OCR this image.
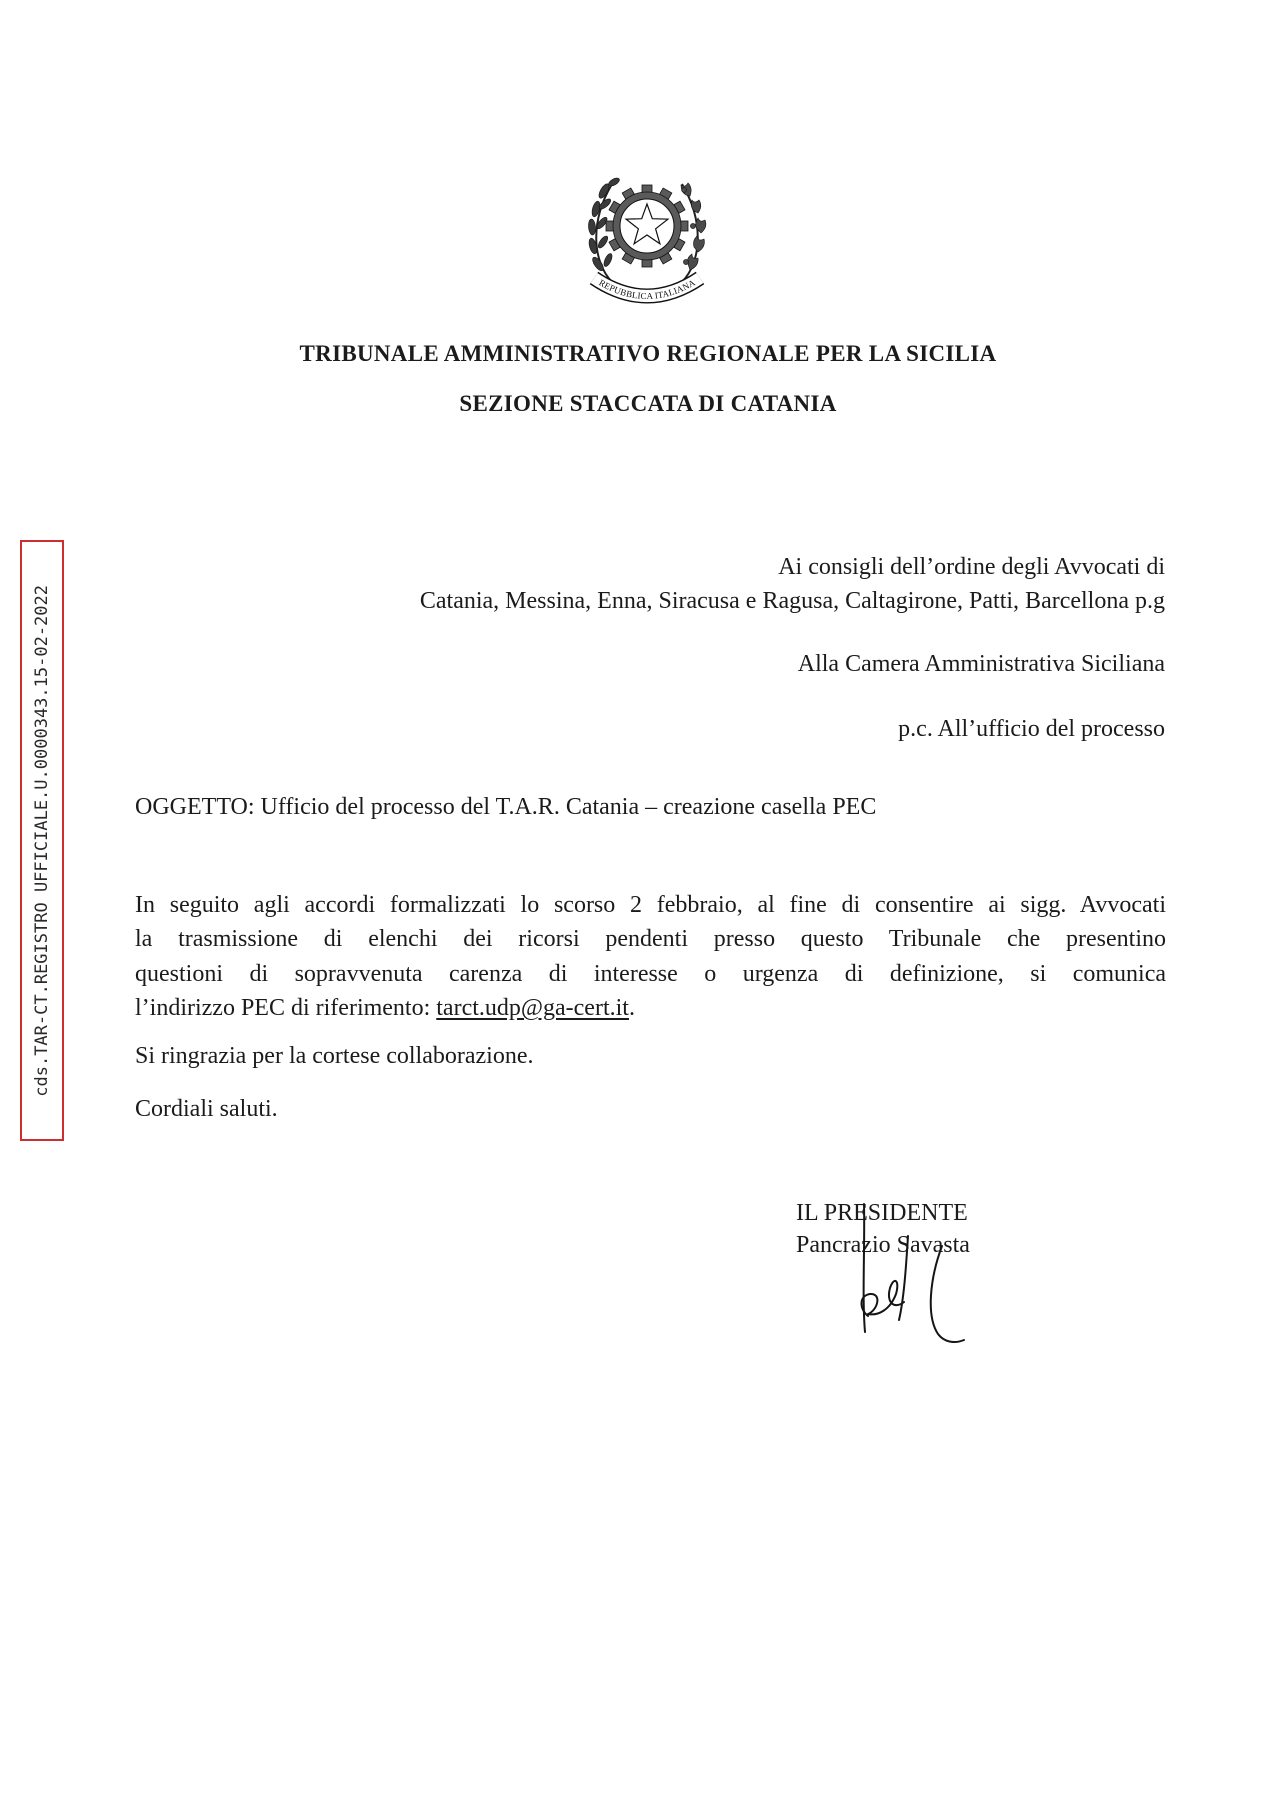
cds.TAR-CT.REGISTRO UFFICIALE.U.0000343.15-02-2022
REPUBBLICA ITALIANA
TRIBUNALE AMMINISTRATIVO REGIONALE PER LA SICILIA
SEZIONE STACCATA DI CATANIA
Ai consigli dell’ordine degli Avvocati di
Catania, Messina, Enna, Siracusa e Ragusa, Caltagirone, Patti, Barcellona p.g
Alla Camera Amministrativa Siciliana
p.c. All’ufficio del processo
OGGETTO: Ufficio del processo del T.A.R. Catania – creazione casella PEC
In seguito agli accordi formalizzati lo scorso 2 febbraio, al fine di consentire ai sigg. Avvocati
la trasmissione di elenchi dei ricorsi pendenti presso questo Tribunale che presentino
questioni di sopravvenuta carenza di interesse o urgenza di definizione, si comunica
l’indirizzo PEC di riferimento: tarct.udp@ga-cert.it.
Si ringrazia per la cortese collaborazione.
Cordiali saluti.
IL PRESIDENTE
Pancrazio Savasta
